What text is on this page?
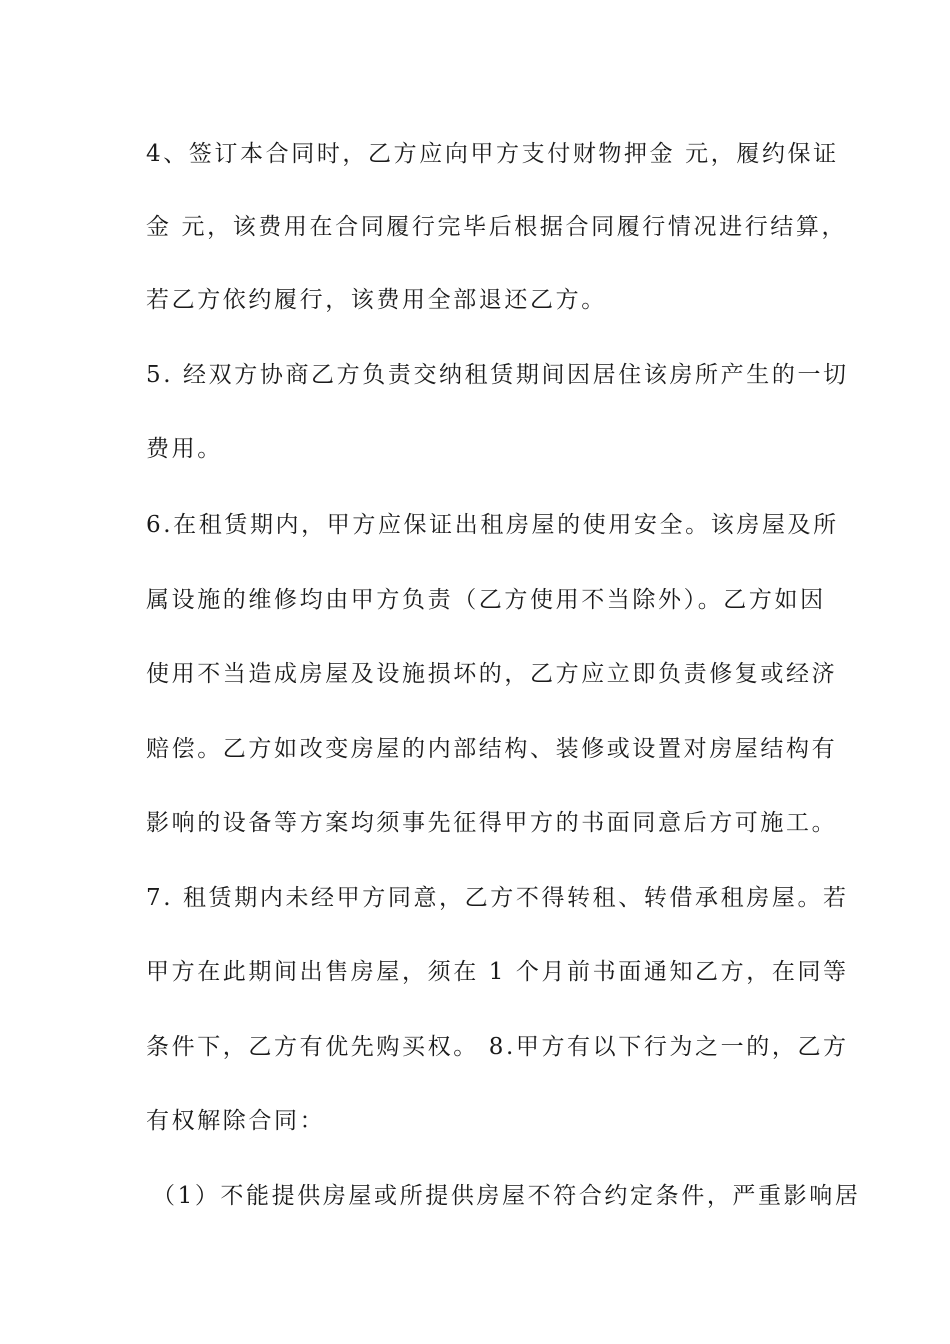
4、签订本合同时，乙方应向甲方支付财物押金 元，履约保证
金 元，该费用在合同履行完毕后根据合同履行情况进行结算，
若乙方依约履行，该费用全部退还乙方。
5. 经双方协商乙方负责交纳租赁期间因居住该房所产生的一切
费用。
6.在租赁期内，甲方应保证出租房屋的使用安全。该房屋及所
属设施的维修均由甲方负责（乙方使用不当除外）。乙方如因
使用不当造成房屋及设施损坏的，乙方应立即负责修复或经济
赔偿。乙方如改变房屋的内部结构、装修或设置对房屋结构有
影响的设备等方案均须事先征得甲方的书面同意后方可施工。
7. 租赁期内未经甲方同意，乙方不得转租、转借承租房屋。若
甲方在此期间出售房屋，须在 1 个月前书面通知乙方，在同等
条件下，乙方有优先购买权。 8.甲方有以下行为之一的，乙方
有权解除合同：
（1）不能提供房屋或所提供房屋不符合约定条件，严重影响居
